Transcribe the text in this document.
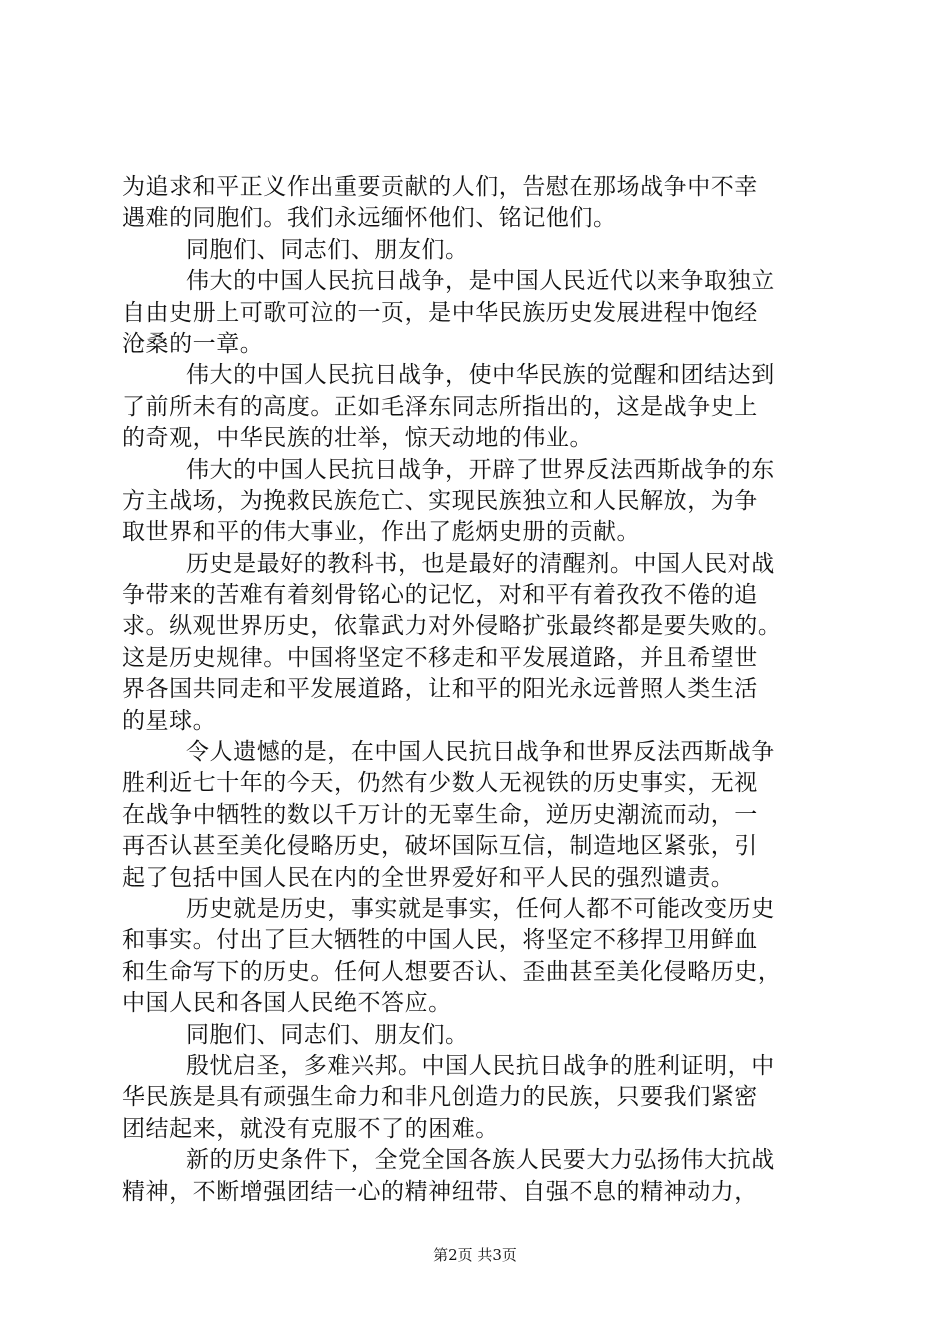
为追求和平正义作出重要贡献的人们，告慰在那场战争中不幸
遇难的同胞们。我们永远缅怀他们、铭记他们。
同胞们、同志们、朋友们。
伟大的中国人民抗日战争，是中国人民近代以来争取独立
自由史册上可歌可泣的一页，是中华民族历史发展进程中饱经
沧桑的一章。
伟大的中国人民抗日战争，使中华民族的觉醒和团结达到
了前所未有的高度。正如毛泽东同志所指出的，这是战争史上
的奇观，中华民族的壮举，惊天动地的伟业。
伟大的中国人民抗日战争，开辟了世界反法西斯战争的东
方主战场，为挽救民族危亡、实现民族独立和人民解放，为争
取世界和平的伟大事业，作出了彪炳史册的贡献。
历史是最好的教科书，也是最好的清醒剂。中国人民对战
争带来的苦难有着刻骨铭心的记忆，对和平有着孜孜不倦的追
求。纵观世界历史，依靠武力对外侵略扩张最终都是要失败的。
这是历史规律。中国将坚定不移走和平发展道路，并且希望世
界各国共同走和平发展道路，让和平的阳光永远普照人类生活
的星球。
令人遗憾的是，在中国人民抗日战争和世界反法西斯战争
胜利近七十年的今天，仍然有少数人无视铁的历史事实，无视
在战争中牺牲的数以千万计的无辜生命，逆历史潮流而动，一
再否认甚至美化侵略历史，破坏国际互信，制造地区紧张，引
起了包括中国人民在内的全世界爱好和平人民的强烈谴责。
历史就是历史，事实就是事实，任何人都不可能改变历史
和事实。付出了巨大牺牲的中国人民，将坚定不移捍卫用鲜血
和生命写下的历史。任何人想要否认、歪曲甚至美化侵略历史，
中国人民和各国人民绝不答应。
同胞们、同志们、朋友们。
殷忧启圣，多难兴邦。中国人民抗日战争的胜利证明，中
华民族是具有顽强生命力和非凡创造力的民族，只要我们紧密
团结起来，就没有克服不了的困难。
新的历史条件下，全党全国各族人民要大力弘扬伟大抗战
精神，不断增强团结一心的精神纽带、自强不息的精神动力，
第2页 共3页
